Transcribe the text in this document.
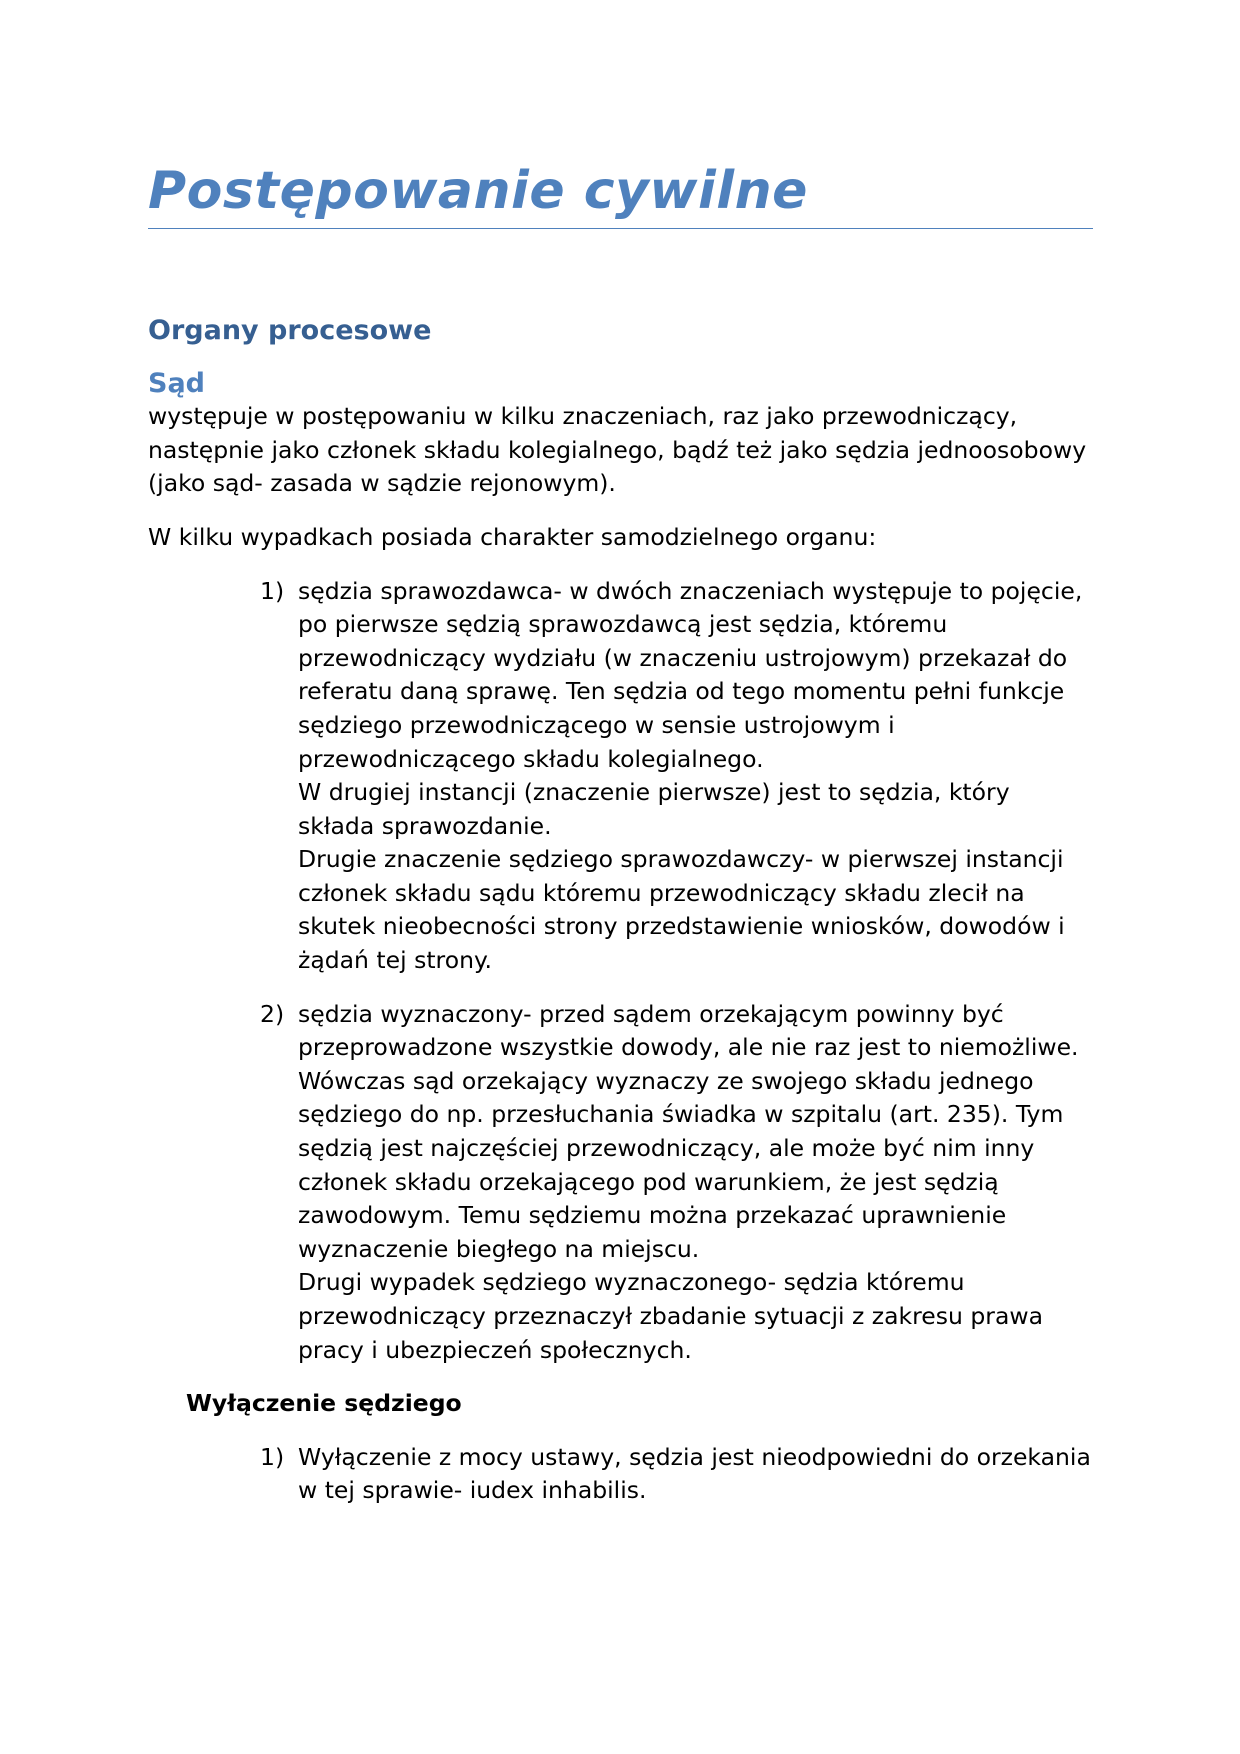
Postępowanie cywilne
Organy procesowe
Sąd

występuje w postępowaniu w kilku znaczeniach, raz jako przewodniczący, następnie jako członek składu kolegialnego, bądź też jako sędzia jednoosobowy (jako sąd- zasada w sądzie rejonowym).

W kilku wypadkach posiada charakter samodzielnego organu:

1) sędzia sprawozdawca- w dwóch znaczeniach występuje to pojęcie, po pierwsze sędzią sprawozdawcą jest sędzia, któremu przewodniczący wydziału (w znaczeniu ustrojowym) przekazał do referatu daną sprawę. Ten sędzia od tego momentu pełni funkcje sędziego przewodniczącego w sensie ustrojowym i przewodniczącego składu kolegialnego.
W drugiej instancji (znaczenie pierwsze) jest to sędzia, który składa sprawozdanie.
Drugie znaczenie sędziego sprawozdawczy- w pierwszej instancji członek składu sądu któremu przewodniczący składu zlecił na skutek nieobecności strony przedstawienie wniosków, dowodów i żądań tej strony.
2) sędzia wyznaczony- przed sądem orzekającym powinny być przeprowadzone wszystkie dowody, ale nie raz jest to niemożliwe. Wówczas sąd orzekający wyznaczy ze swojego składu jednego sędziego do np. przesłuchania świadka w szpitalu (art. 235). Tym sędzią jest najczęściej przewodniczący, ale może być nim inny członek składu orzekającego pod warunkiem, że jest sędzią zawodowym. Temu sędziemu można przekazać uprawnienie wyznaczenie biegłego na miejscu.
Drugi wypadek sędziego wyznaczonego- sędzia któremu przewodniczący przeznaczył zbadanie sytuacji z zakresu prawa pracy i ubezpieczeń społecznych.
Wyłączenie sędziego
1) Wyłączenie z mocy ustawy, sędzia jest nieodpowiedni do orzekania w tej sprawie- iudex inhabilis.
